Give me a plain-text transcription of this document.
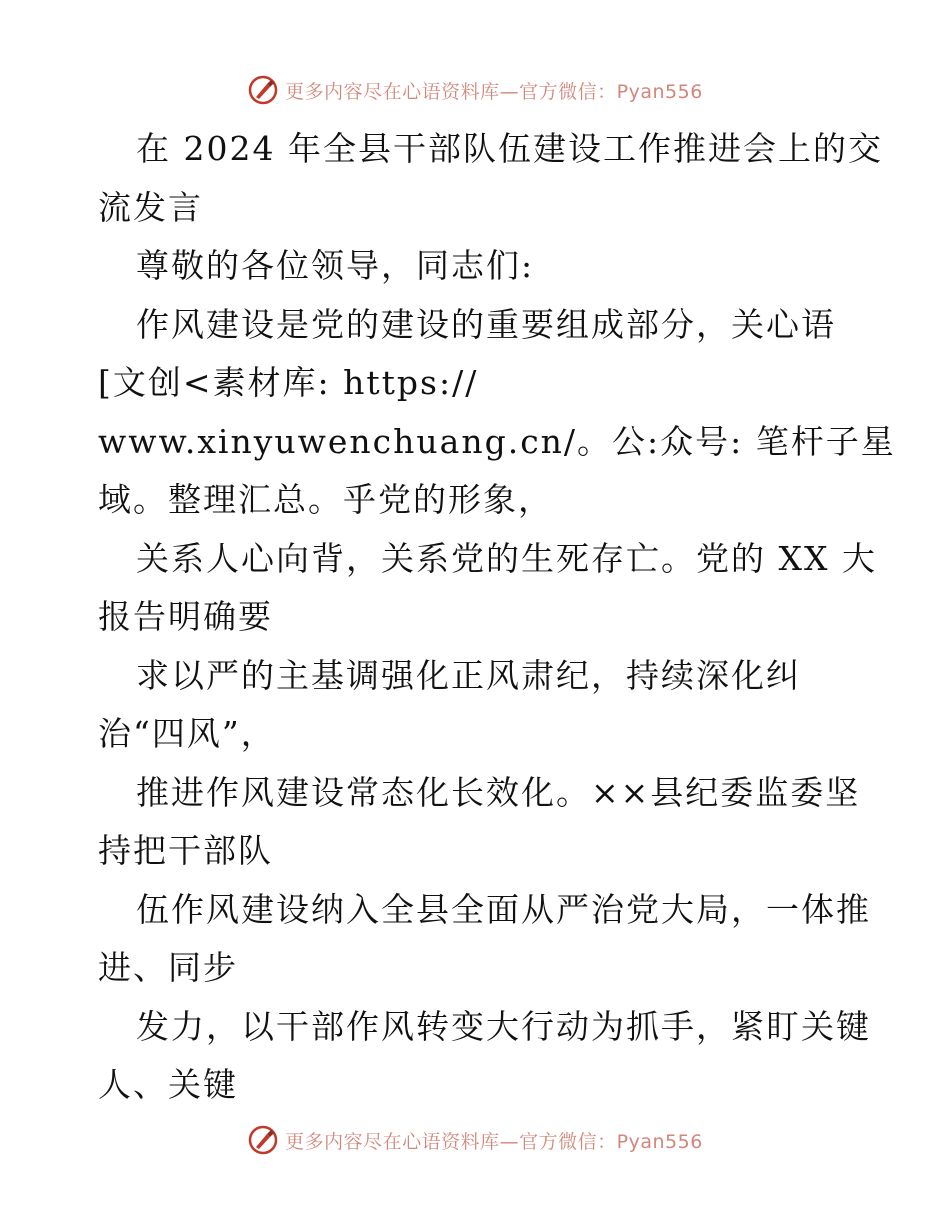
更多内容尽在心语资料库—官方微信：Pyan556
在 2024 年全县干部队伍建设工作推进会上的交
流发言
尊敬的各位领导，同志们:
作风建设是党的建设的重要组成部分，关心语
[文创<素材库: https://
www.xinyuwenchuang.cn/。公:众号: 笔杆子星
域。整理汇总。乎党的形象，
关系人心向背，关系党的生死存亡。党的 XX 大
报告明确要
求以严的主基调强化正风肃纪，持续深化纠
治“四风”，
推进作风建设常态化长效化。××县纪委监委坚
持把干部队
伍作风建设纳入全县全面从严治党大局，一体推
进、同步
发力，以干部作风转变大行动为抓手，紧盯关键
人、关键
更多内容尽在心语资料库—官方微信：Pyan556
